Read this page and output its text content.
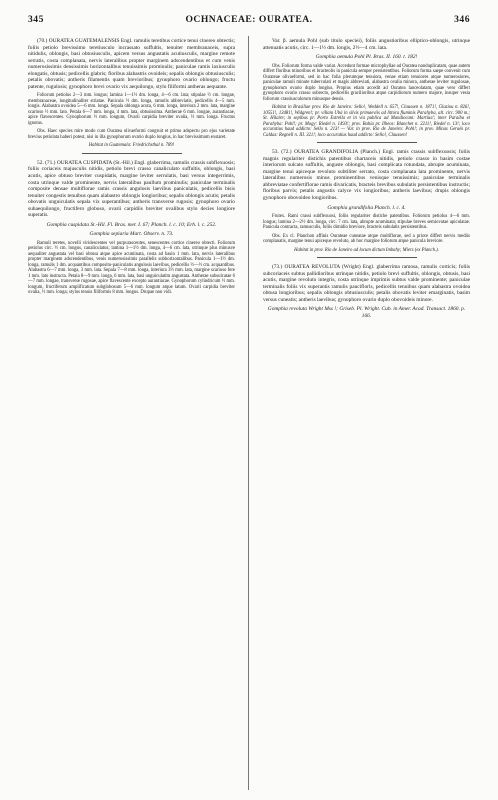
345	OCHNACEAE: OURATEA.	346

(70.) OURATEA GUATEMALENSIS Engl. ramulis teretibus cortice tenui cinereo obtectis; foliis petiolo brevissimo teretiusculo incrassato suffultis, tenuiter membranaceis, supra nitidulis, oblongis, basi obtusiusculis, apicem versus angustatis acutiusculis, margine remote serratis, costa complanata, nervis lateralibus propter marginem adscendentibus et cum venis numerosissimis densissimis horizontalibus tenuissimis prominulis; paniculae ramis laxiusculis elongatis, obtusis; pedicellis glabris; floribus alabastris ovoideis; sepalis oblongis obtusiusculis; petalis obovatis; antheris filamentis quam brevioribus; gynophoro ovario oblongo; fructu patente, rugulosis; gynophoro brevi ovario vix aequilongo, stylo filiformi antheras aequante.

Foliorum petiolus 2—3 mm. longus; lamina 1—1½ dm. longa, 4—6 cm. lata; stipulae ½ cm. longae, membranaceae, longitudinaliter striatae. Panicula ½ dm. longa, ramulis abbreviatis, pedicellis 4—5 mm. longis. Alabastra ovoidea 5—6 mm. longa. Sepala oblonga acuta, 6 mm. longa, interiora 2 mm. lata, margine scarioso ½ mm. lato. Petala 6—7 mm. longa, 4 mm. lata, obtusissima. Antherae 6 mm. longae, aurantiacae, apice flavescentes. Gynophorum ½ mm. longum, Ovarii carpidia breviter ovalia, ½ mm. longa. Fructus ignotus.

Obs. Haec species mire modo cum Ouratea olivaeformi congruit et primo adspectu pro ejus varietate brevius petiolata haberi potest, nisi in illa gynophorum ovario duplo longius, in hac brevissimum exstaret.

Habitat in Guatemala: Friedrichsthal n. 789!

52. (71.) OURATEA CUSPIDATA (St.-Hil.) Engl. glaberrima, ramulis crassis subflexuosis; foliis coriaceis majusculis nitidis, petiolo brevi crasso canaliculato suffultis, oblongis, basi acutis, apice obtuso breviter cuspidatis, margine leviter serrulatis, basi versus integerrimis, costa utrinque valde prominente, nervis lateralibus paullum prominulis; paniculae terminalis composite densae multiflorae ramis crassis angulosis laevibus paniculatis, pedicellis bisis tenuiter congestis tenuibus quam alabastro oblongis longioribus; sepalis oblongis acutis; petalis obovatis unguiculatis sepala vix superantibus; antheris transverse rugosis; gynophoro ovario subaequilongo, fructifero globoso, ovarii carpidiis breviter ovalibus stylo decies longiore superatis.

Gomphia cuspidata St.-Hil. Fl. Bras. mer. I. 67; Planch. l. c. 10; Erh. l. c. 252.

Gomphia sepiaria Mart. Observ. n. 73.

Ramuli teretes, novelli viridescentes vel purpurascentes, senescentes cortice cinereo obtecti. Foliorum petiolus circ. ½ cm. longus, canaliculatus; lamina 1—1½ dm. longa, 4—6 cm. lata, utrinque plus minusve aequaliter angustata vel basi obtusa atque apice acuminata, costa ad basin 1 mm. lata, nervis lateralibus propter marginem adscendentibus, venis numerosissimis parallelis subhorizontalibus. Panicula 1—1½ dm. longa, ramulis 1 dm. acquantibus composito-paniculatis angulosis laevibus, pedicellis ½—½ cm. acquantibus. Alabastra 6—7 mm. longa, 3 mm. lata. Sepala 7—8 mm. longa, interiora 3½ mm. lata, margine scarioso fere 1 mm. lato instructa. Petala 8—9 mm. longa, 6 mm. lata, basi unguiculatim angustata. Antherae subsulcatae 6—7 mm. longae, transverse rugosae, apice flavescente excepto aurantiacae. Gynophorum cylindricum ½ mm. longum, fructiferum amplificatum subglobosum 5—6 mm. longum atque latum. Ovarii carpidia breviter ovalia, ½ mm. longa; stylus tenuis filiformis 8 mm. longus. Drupae non vidi.

Var. β. aemula Pohl (sub titulo speciei), foliis angustioribus elliptico-oblongis, utrinque attenuatis acutis, circ. 1—1½ dm. longis, 2½—4 cm. lata.

Gomphia aemula Pohl Pl. Bras. II. 160. t. 182!

Obs. Foliorum forma valde variat. Accedunt formae microphyllae ad Ouratea nonduplicatam, quae autem differt floribus minoribus et bracteolis in panicula semper persistentibus. Foliorum forma saepe convenit cum Ourateae olivaeformi, sed in hac folia plerumque tenuiora, venae etiam tenuiores atque numerosiores, paniculae ramuli minute tuberculati et magis abbreviati, alabastra ovalia minora, antherae leviter rugulosae, gynophorum ovario duplo longius. Propius etiam accedit ad Ouratea lanceolatam, quae vero differt gynophoro ovario crasso subrecto, pedicellis gracilioribus atque carpidiorum numero majore, insuper vesia foliorum crassiusculorum minusque densis.

Habitat in Brasiliae prov. Rio de Janeiro: Sello!, Weddell n. 657!, Claussen n. 1871!, Glaziou n. 826!, 10551!, 13481!, Widgren!; pr. villam Ubá in silvis primaeviis ad littora fluminis Parahyba, alt. circ. 900 m.; St. Hilaire; in sepibus pr. Porto Estrella et in via publica ad Mandiocam: Martius!; inter Paraiba et Parahyba: Pohl!; pr. Mogy: Riedel n. 1493!; prov. Bahia pr. Ilheos: Blanchet n. 2211!, Riedel n. 13!; loco accuratius haud addicto: Sello n. 213! — Var. in prov. Rio de Janeiro: Pohl!; in prov. Minas Geraës pr. Caldas: Regnell n. III. 321!; loco accuratius haud addicto: Sello!, Claussen!

53. (72.) OURATEA GRANDIFOLIA (Planch.) Engl. ramis crassis subflexuosis; foliis magnis regulariter distichis patentibus chartaceis nitidis, petiolo crasso in basim costae interiorum sulcato suffultis, anguste oblongis, basi complicata rotundata, abrupte acuminata, margine tenui apiceque revoluto subtiliter serrato, costa complanata lata prominente, nervis lateralibus numerosis minus prominentibus venisque tenuissimis; paniculae terminalis abbreviatae confertiflorae ramis divaricatis, bracteis brevibus subulatis persistentibus instructis; floribus parvis; petalis angustis calyce vix longioribus; antheris laevibus; drupis oblongis gynophoro obovoideo longioribus.

Gomphia grandifolia Planch. l. c. 4.

Frutex. Rami crassi subflexuosi, foliis regulariter distiche patentibus. Foliorum petiolus 4—6 mm. longus; lamina 2—2½ dm. longa, circ. 7 cm. lata, abrupte acuminata; stipulae breves semiovatae apiculatae. Panicula contracta, ramusculis, foliis dimidio breviore, bracteis subulatis persistentibus.

Obs. Ex cl. Planchon affinis Ourateae cuneatae atque multiflorae, sed a priore differt nervis mediis complanatis, margine tenui apiceque revoluto, ab hoc margine foliorum atque panicula breviore.

Habitat in prov. Rio de Janeiro ad locum dictum Imbahy; Miers (ex Planch.).

(73.) OURATEA REVOLUTA (Wright) Engl. glaberrima ramosa, ramulis corticis; foliis subcoriaceis subtus pallidioribus utrinque nitidis, petiolo brevi suffultis, oblongis, obtusis, basi acutis, margine revoluto integris, costa utrinque imprimis subtus valde prominente; paniculae terminalis foliis vix superantis ramulis pauciflorls, pedicellis tenuibus quam alabastra ovoidea obtusa longioribus; sepalis oblongis obtusiusculis; petalis obovatis leviter emarginatis, basim versus cuneatis; antheris laevibus; gynophoro ovario duplo obovoideis minore.

Gomphia revoluta Wright Mss !; Griseb. Pl. Wright. Cub. in Amer. Acad. Transact. 1860. p. 166.
